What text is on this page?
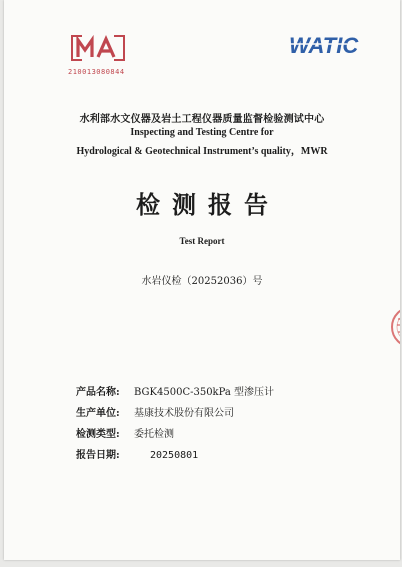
210013080844
WATIC
水利部水文仪器及岩土工程仪器质量监督检验测试中心
Inspecting and Testing Centre for
Hydrological & Geotechnical Instrument’s quality，MWR
检测报告
Test Report
水岩仪检（20252036）号
产品名称: BGK4500C-350kPa 型渗压计
生产单位: 基康技术股份有限公司
检测类型: 委托检测
报告日期:	20250801
